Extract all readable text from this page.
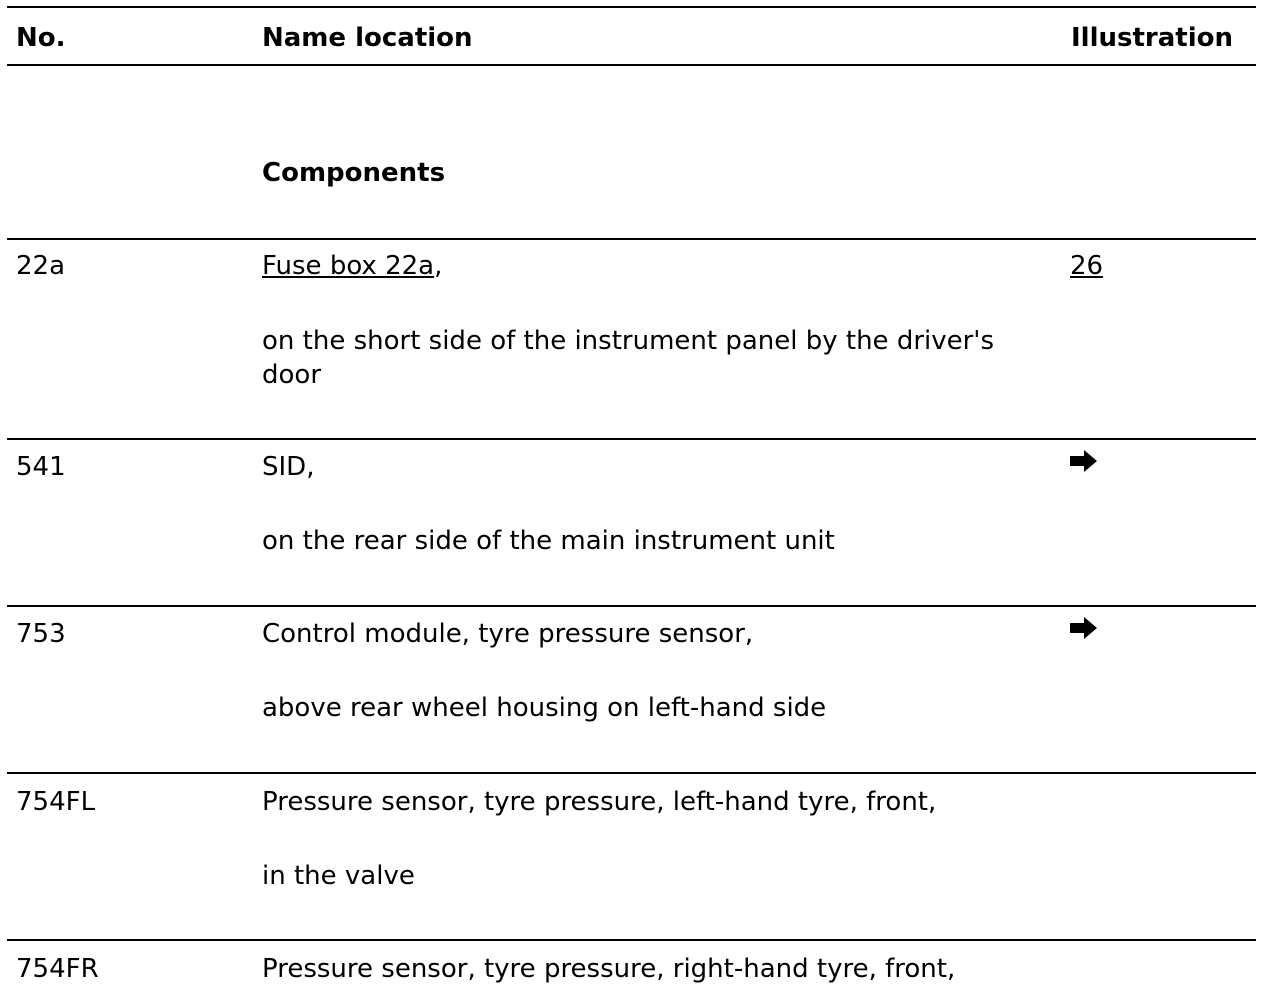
No.	Name location	Illustration
Components
22a	Fuse box 22a,	26
on the short side of the instrument panel by the driver's
door
541	SID,
on the rear side of the main instrument unit
753	Control module, tyre pressure sensor,
above rear wheel housing on left-hand side
754FL	Pressure sensor, tyre pressure, left-hand tyre, front,
in the valve
754FR	Pressure sensor, tyre pressure, right-hand tyre, front,
